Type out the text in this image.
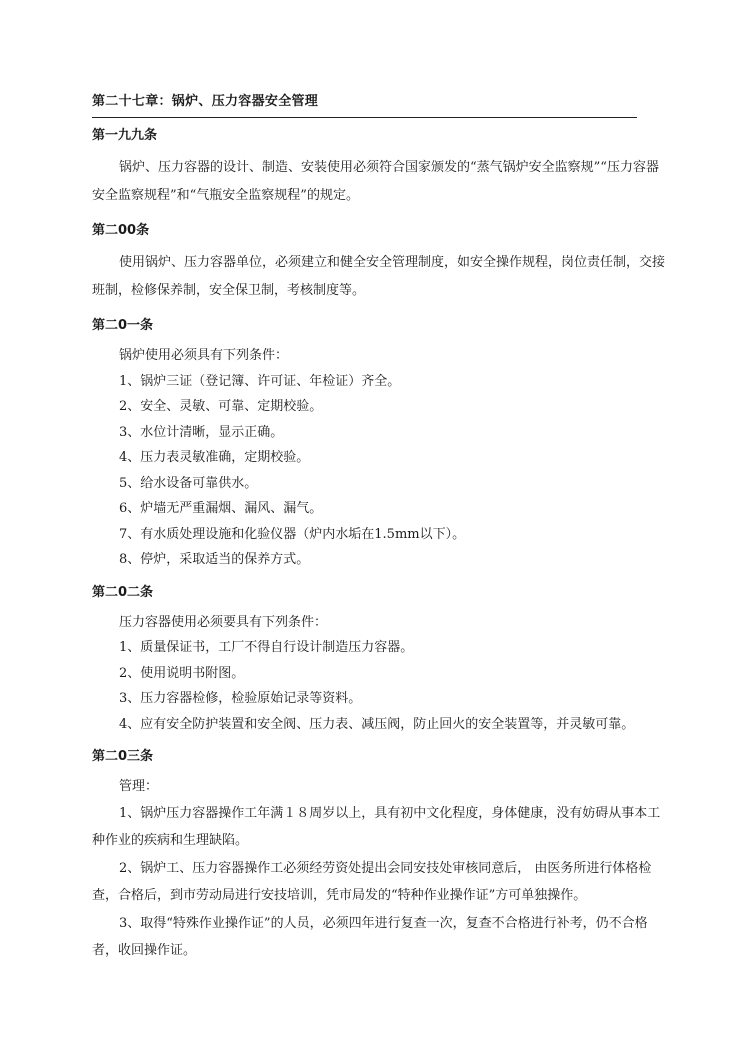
第二十七章：锅炉、压力容器安全管理
第一九九条
锅炉、压力容器的设计、制造、安装使用必须符合国家颁发的“蒸气锅炉安全监察规”“压力容器安全监察规程”和“气瓶安全监察规程”的规定。
第二00条
使用锅炉、压力容器单位，必须建立和健全安全管理制度，如安全操作规程，岗位责任制，交接班制，检修保养制，安全保卫制，考核制度等。
第二0一条
锅炉使用必须具有下列条件：
1、锅炉三证（登记簿、许可证、年检证）齐全。
2、安全、灵敏、可靠、定期校验。
3、水位计清晰，显示正确。
4、压力表灵敏准确，定期校验。
5、给水设备可靠供水。
6、炉墙无严重漏烟、漏风、漏气。
7、有水质处理设施和化验仪器（炉内水垢在1.5mm以下）。
8、停炉，采取适当的保养方式。
第二0二条
压力容器使用必须要具有下列条件：
1、质量保证书，工厂不得自行设计制造压力容器。
2、使用说明书附图。
3、压力容器检修，检验原始记录等资料。
4、应有安全防护装置和安全阀、压力表、减压阀，防止回火的安全装置等，并灵敏可靠。
第二0三条
管理：
1、锅炉压力容器操作工年满１８周岁以上，具有初中文化程度，身体健康，没有妨碍从事本工种作业的疾病和生理缺陷。
2、锅炉工、压力容器操作工必须经劳资处提出会同安技处审核同意后， 由医务所进行体格检查，合格后，到市劳动局进行安技培训，凭市局发的“特种作业操作证”方可单独操作。
3、取得“特殊作业操作证”的人员，必须四年进行复查一次，复查不合格进行补考，仍不合格者，收回操作证。
